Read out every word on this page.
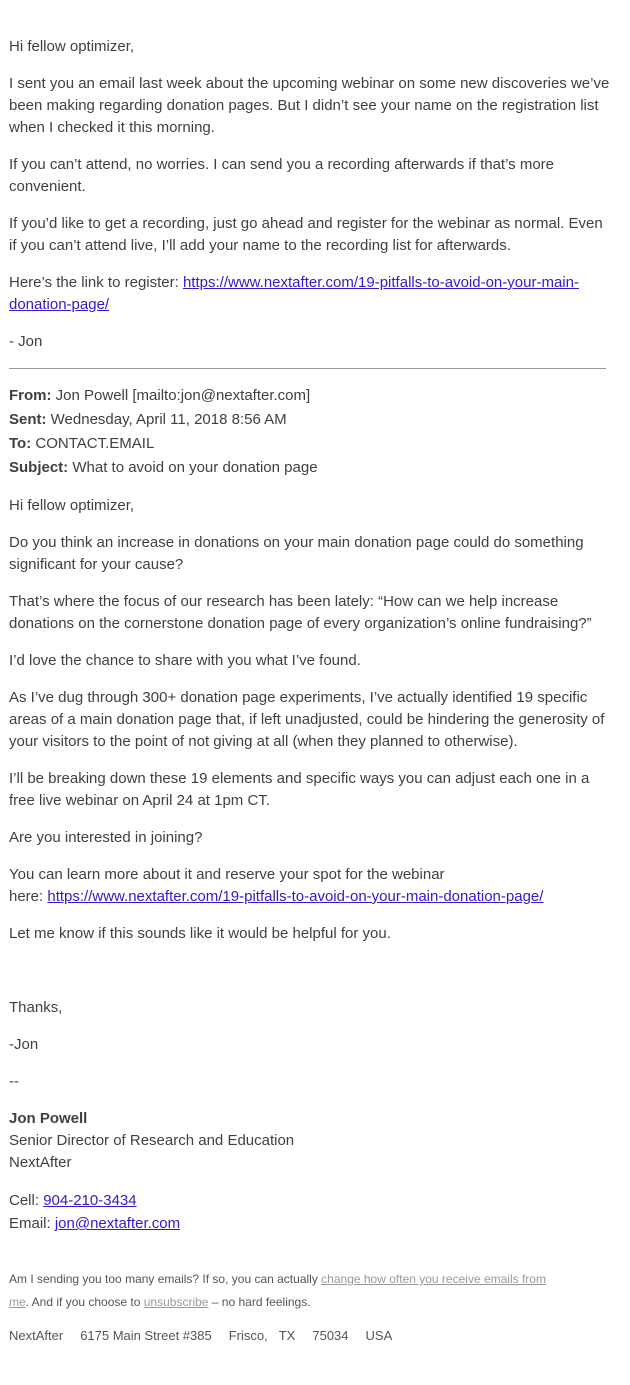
Hi fellow optimizer,

I sent you an email last week about the upcoming webinar on some new discoveries we’ve been making regarding donation pages. But I didn’t see your name on the registration list when I checked it this morning.

If you can’t attend, no worries. I can send you a recording afterwards if that’s more convenient.

If you’d like to get a recording, just go ahead and register for the webinar as normal. Even if you can’t attend live, I’ll add your name to the recording list for afterwards.

Here’s the link to register: https://www.nextafter.com/19-pitfalls-to-avoid-on-your-main-donation-page/

- Jon

From: Jon Powell [mailto:jon@nextafter.com]
Sent: Wednesday, April 11, 2018 8:56 AM
To: CONTACT.EMAIL
Subject: What to avoid on your donation page

Hi fellow optimizer,

Do you think an increase in donations on your main donation page could do something significant for your cause?

That’s where the focus of our research has been lately: “How can we help increase donations on the cornerstone donation page of every organization’s online fundraising?”

I’d love the chance to share with you what I’ve found.

As I’ve dug through 300+ donation page experiments, I’ve actually identified 19 specific areas of a main donation page that, if left unadjusted, could be hindering the generosity of your visitors to the point of not giving at all (when they planned to otherwise).

I’ll be breaking down these 19 elements and specific ways you can adjust each one in a free live webinar on April 24 at 1pm CT.

Are you interested in joining?

You can learn more about it and reserve your spot for the webinar
here: https://www.nextafter.com/19-pitfalls-to-avoid-on-your-main-donation-page/

Let me know if this sounds like it would be helpful for you.

Thanks,

-Jon

--

Jon Powell
Senior Director of Research and Education
NextAfter

Cell: 904-210-3434
Email: jon@nextafter.com

Am I sending you too many emails? If so, you can actually change how often you receive emails from me. And if you choose to unsubscribe – no hard feelings.
NextAfter 6175 Main Street #385 Frisco, TX 75034 USA
